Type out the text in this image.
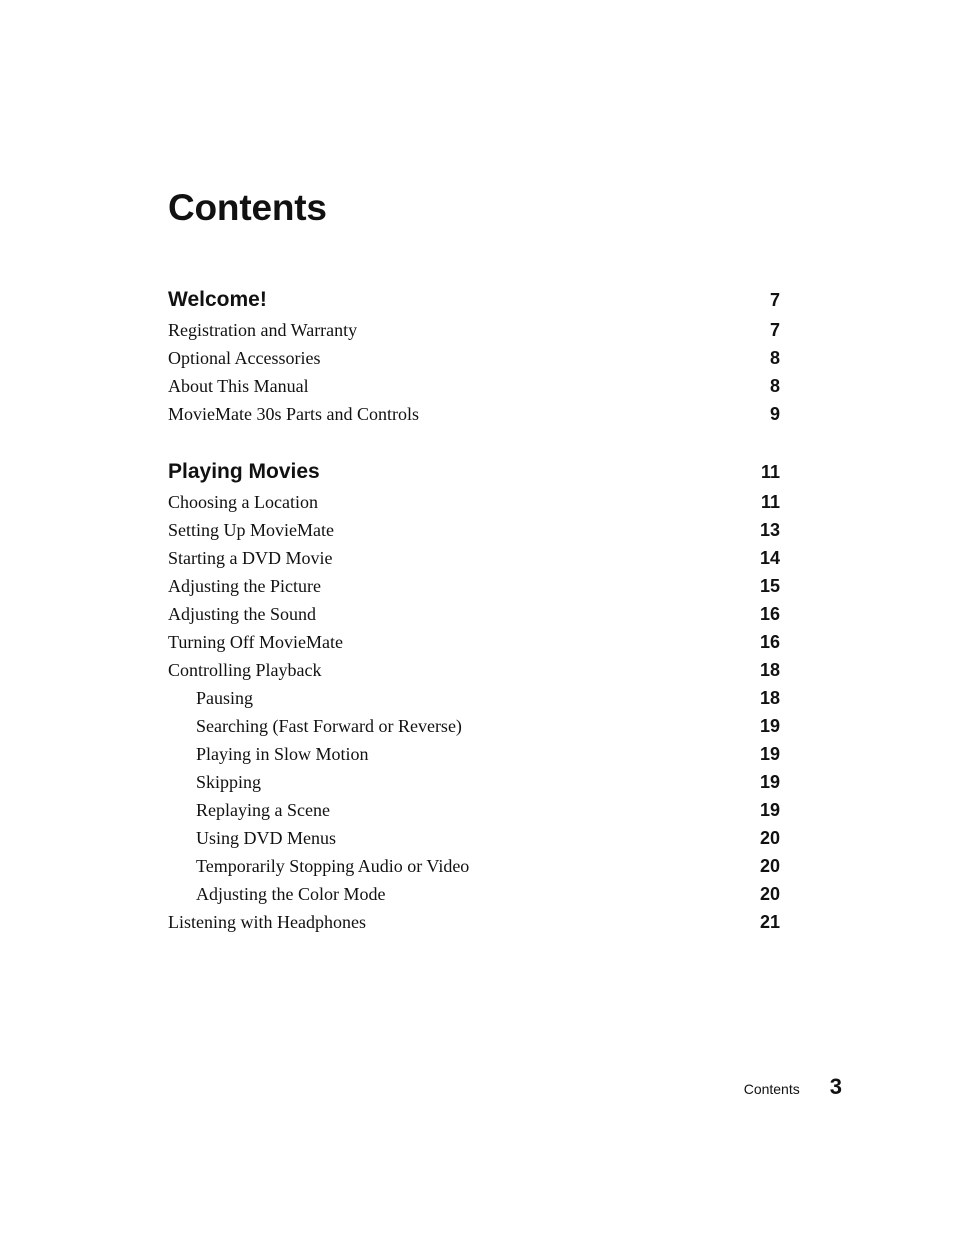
Contents
Welcome!	7
Registration and Warranty	7
Optional Accessories	8
About This Manual	8
MovieMate 30s Parts and Controls	9
Playing Movies	11
Choosing a Location	11
Setting Up MovieMate	13
Starting a DVD Movie	14
Adjusting the Picture	15
Adjusting the Sound	16
Turning Off MovieMate	16
Controlling Playback	18
Pausing	18
Searching (Fast Forward or Reverse)	19
Playing in Slow Motion	19
Skipping	19
Replaying a Scene	19
Using DVD Menus	20
Temporarily Stopping Audio or Video	20
Adjusting the Color Mode	20
Listening with Headphones	21
Contents 3
